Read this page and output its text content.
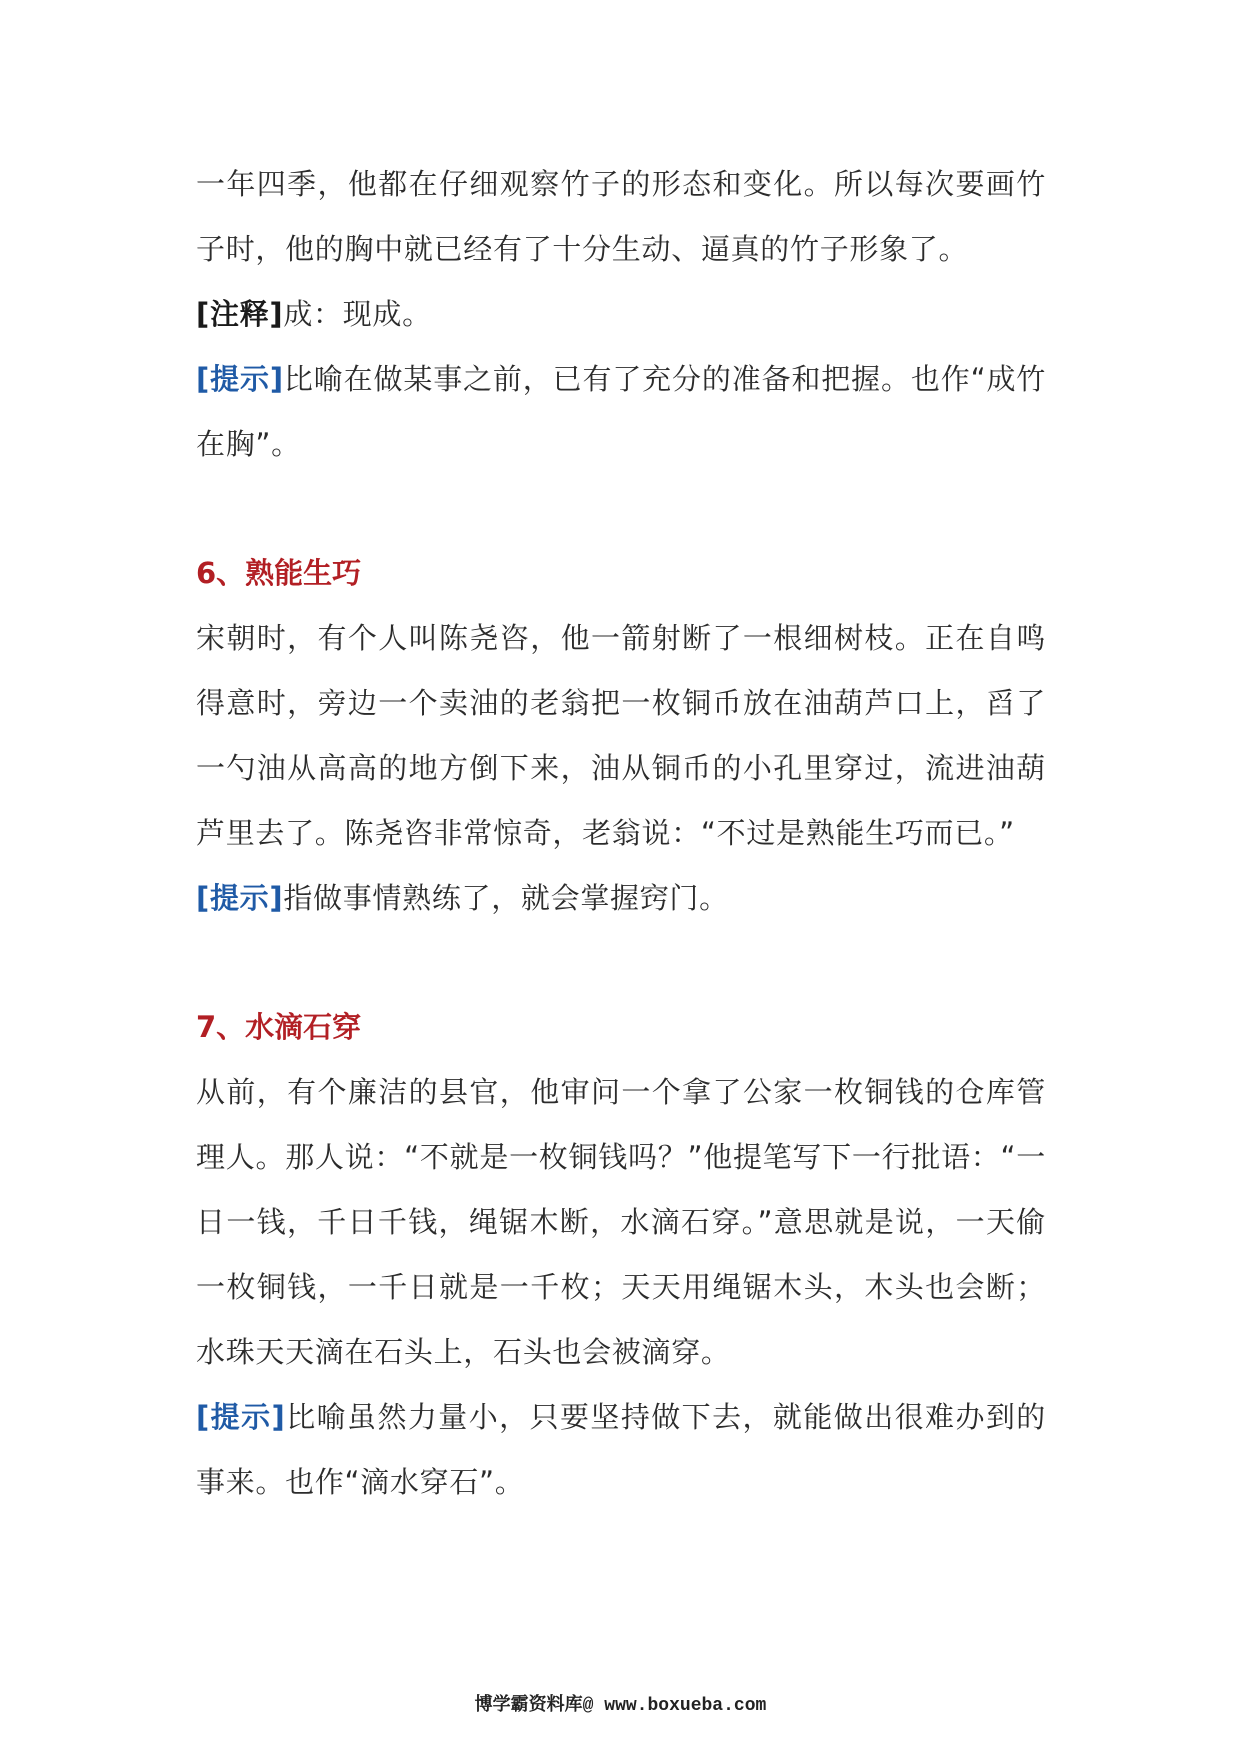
一年四季，他都在仔细观察竹子的形态和变化。所以每次要画竹子时，他的胸中就已经有了十分生动、逼真的竹子形象了。

[注释]成：现成。

[提示]比喻在做某事之前，已有了充分的准备和把握。也作“成竹在胸”。

6、熟能生巧

宋朝时，有个人叫陈尧咨，他一箭射断了一根细树枝。正在自鸣得意时，旁边一个卖油的老翁把一枚铜币放在油葫芦口上，舀了一勺油从高高的地方倒下来，油从铜币的小孔里穿过，流进油葫芦里去了。陈尧咨非常惊奇，老翁说：“不过是熟能生巧而已。”

[提示]指做事情熟练了，就会掌握窍门。

7、水滴石穿

从前，有个廉洁的县官，他审问一个拿了公家一枚铜钱的仓库管理人。那人说：“不就是一枚铜钱吗？”他提笔写下一行批语：“一日一钱，千日千钱，绳锯木断，水滴石穿。”意思就是说，一天偷一枚铜钱，一千日就是一千枚；天天用绳锯木头，木头也会断；水珠天天滴在石头上，石头也会被滴穿。

[提示]比喻虽然力量小，只要坚持做下去，就能做出很难办到的事来。也作“滴水穿石”。

博学霸资料库@ www.boxueba.com
